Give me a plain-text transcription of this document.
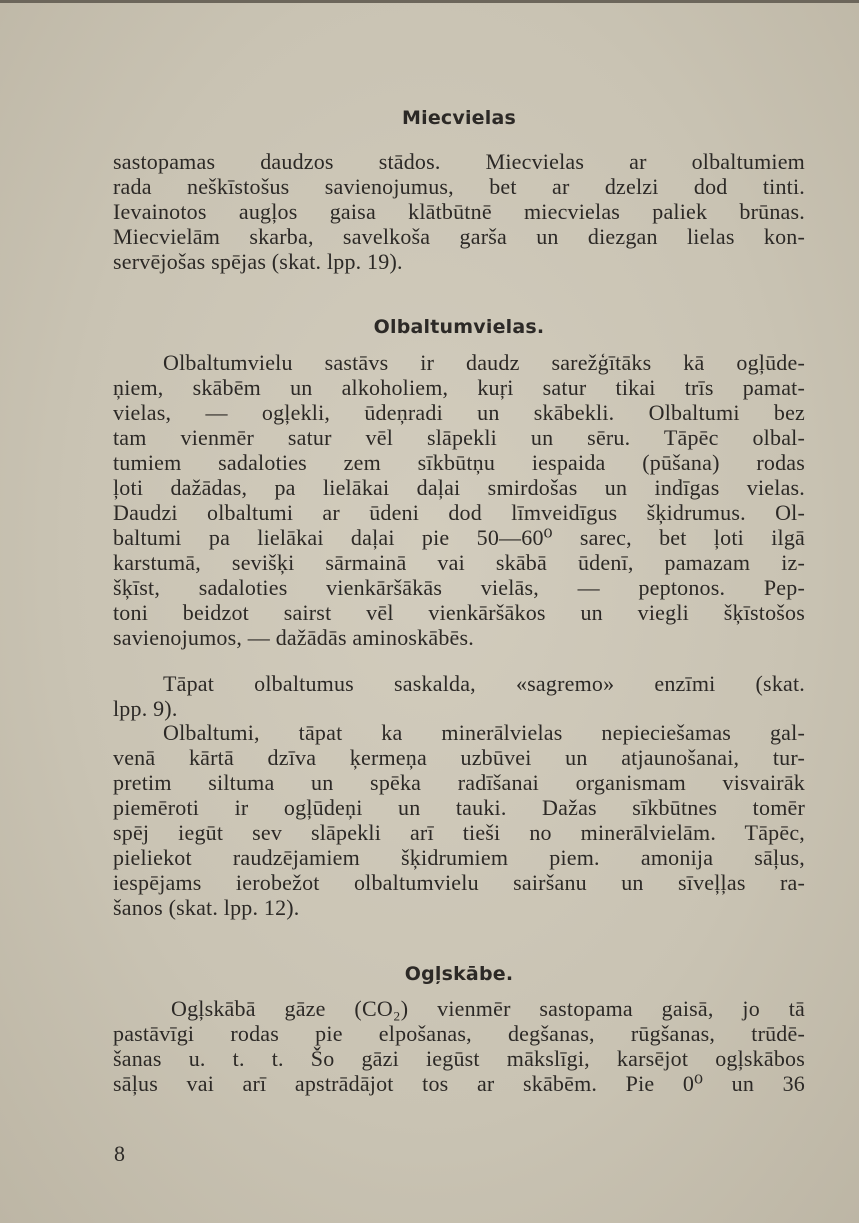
Miecvielas
sastopamas daudzos stādos. Miecvielas ar olbaltumiem
rada neškīstošus savienojumus, bet ar dzelzi dod tinti.
Ievainotos augļos gaisa klātbūtnē miecvielas paliek brūnas.
Miecvielām skarba, savelkoša garša un diezgan lielas kon-
servējošas spējas (skat. lpp. 19).
Olbaltumvielas.
Olbaltumvielu sastāvs ir daudz sarežģītāks kā ogļūde-
ņiem, skābēm un alkoholiem, kuŗi satur tikai trīs pamat-
vielas, — ogļekli, ūdeņradi un skābekli. Olbaltumi bez
tam vienmēr satur vēl slāpekli un sēru. Tāpēc olbal-
tumiem sadaloties zem sīkbūtņu iespaida (pūšana) rodas
ļoti dažādas, pa lielākai daļai smirdošas un indīgas vielas.
Daudzi olbaltumi ar ūdeni dod līmveidīgus šķidrumus. Ol-
baltumi pa lielākai daļai pie 50—60⁰ sarec, bet ļoti ilgā
karstumā, sevišķi sārmainā vai skābā ūdenī, pamazam iz-
šķīst, sadaloties vienkāršākās vielās, — peptonos. Pep-
toni beidzot sairst vēl vienkāršākos un viegli šķīstošos
savienojumos, — dažādās aminoskābēs.
Tāpat olbaltumus saskalda, «sagremo» enzīmi (skat.
lpp. 9).
Olbaltumi, tāpat ka minerālvielas nepieciešamas gal-
venā kārtā dzīva ķermeņa uzbūvei un atjaunošanai, tur-
pretim siltuma un spēka radīšanai organismam visvairāk
piemēroti ir ogļūdeņi un tauki. Dažas sīkbūtnes tomēr
spēj iegūt sev slāpekli arī tieši no minerālvielām. Tāpēc,
pieliekot raudzējamiem šķidrumiem piem. amonija sāļus,
iespējams ierobežot olbaltumvielu sairšanu un sīveļļas ra-
šanos (skat. lpp. 12).
Ogļskābe.
Ogļskābā gāze (CO₂) vienmēr sastopama gaisā, jo tā
pastāvīgi rodas pie elpošanas, degšanas, rūgšanas, trūdē-
šanas u. t. t. Šo gāzi iegūst mākslīgi, karsējot ogļskābos
sāļus vai arī apstrādājot tos ar skābēm. Pie 0⁰ un 36
8
